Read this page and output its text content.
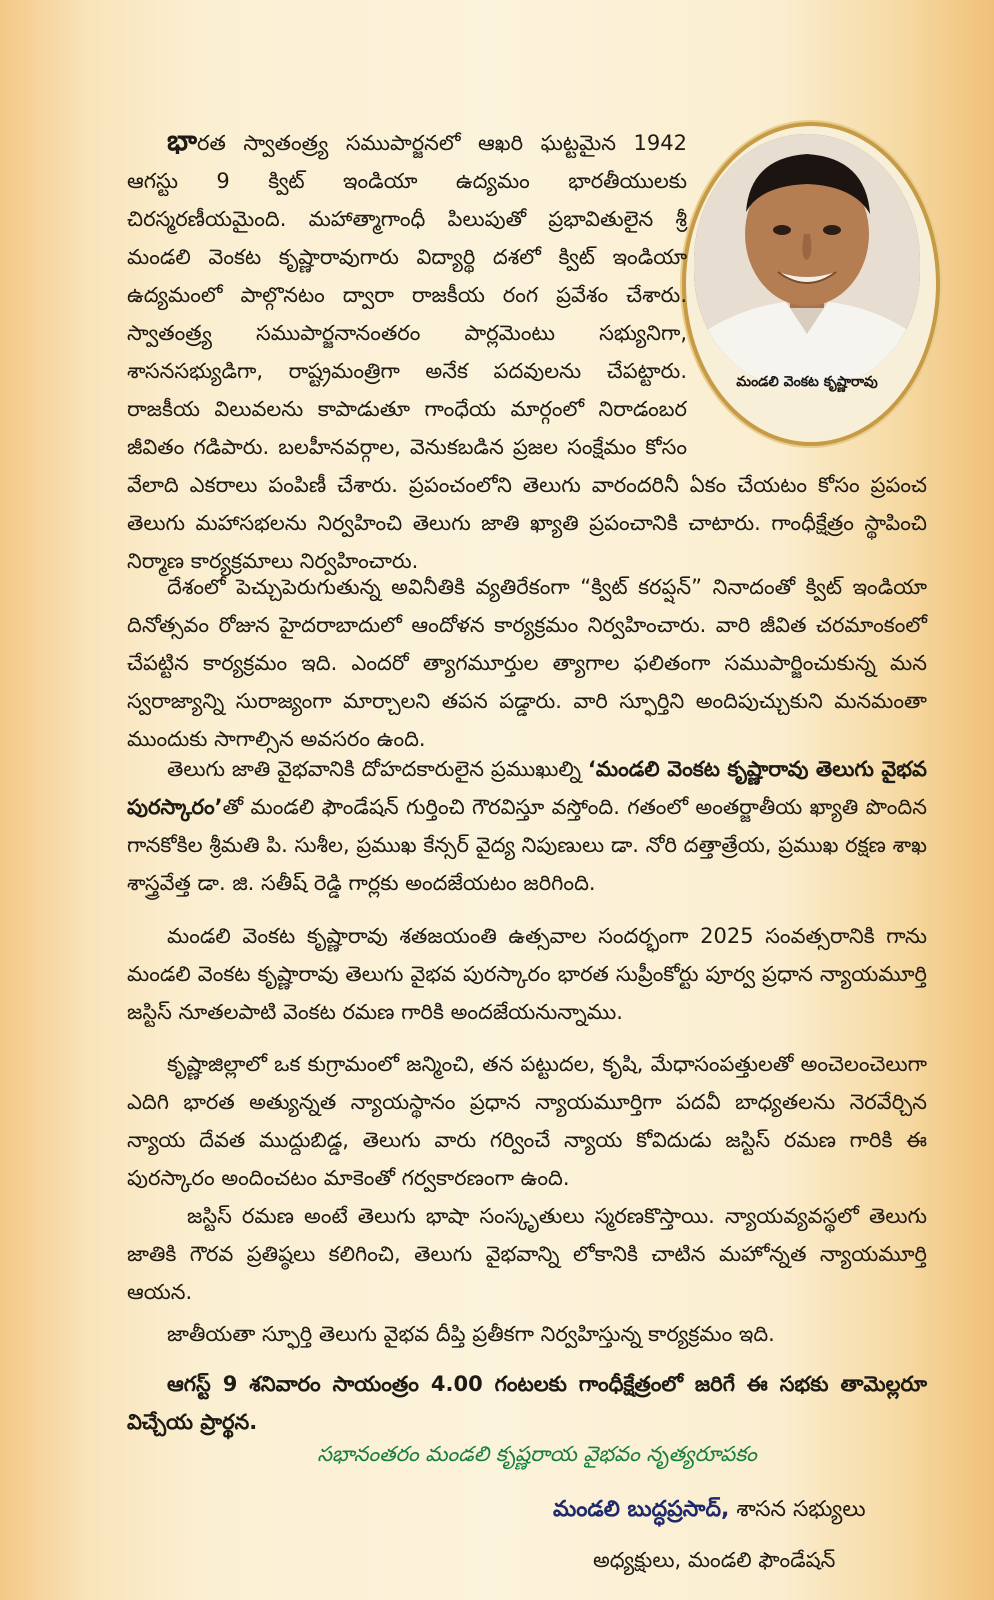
మండలి వెంకట కృష్ణారావు

భారత స్వాతంత్ర్య సముపార్జనలో ఆఖరి ఘట్టమైన 1942 ఆగస్టు 9 క్విట్ ఇండియా ఉద్యమం భారతీయులకు చిరస్మరణీయమైంది. మహాత్మాగాంధీ పిలుపుతో ప్రభావితులైన శ్రీ మండలి వెంకట కృష్ణారావుగారు విద్యార్థి దశలో క్విట్ ఇండియా ఉద్యమంలో పాల్గొనటం ద్వారా రాజకీయ రంగ ప్రవేశం చేశారు. స్వాతంత్ర్య సముపార్జనానంతరం పార్లమెంటు సభ్యునిగా, శాసనసభ్యుడిగా, రాష్ట్రమంత్రిగా అనేక పదవులను చేపట్టారు. రాజకీయ విలువలను కాపాడుతూ గాంధేయ మార్గంలో నిరాడంబర జీవితం గడిపారు. బలహీనవర్గాల, వెనుకబడిన ప్రజల సంక్షేమం కోసం వేలాది ఎకరాలు పంపిణీ చేశారు. ప్రపంచంలోని తెలుగు వారందరినీ ఏకం చేయటం కోసం ప్రపంచ తెలుగు మహాసభలను నిర్వహించి తెలుగు జాతి ఖ్యాతి ప్రపంచానికి చాటారు. గాంధీక్షేత్రం స్థాపించి నిర్మాణ కార్యక్రమాలు నిర్వహించారు.

దేశంలో పెచ్చుపెరుగుతున్న అవినీతికి వ్యతిరేకంగా “క్విట్ కరప్షన్” నినాదంతో క్విట్ ఇండియా దినోత్సవం రోజున హైదరాబాదులో ఆందోళన కార్యక్రమం నిర్వహించారు. వారి జీవిత చరమాంకంలో చేపట్టిన కార్యక్రమం ఇది. ఎందరో త్యాగమూర్తుల త్యాగాల ఫలితంగా సముపార్జించుకున్న మన స్వరాజ్యాన్ని సురాజ్యంగా మార్చాలని తపన పడ్డారు. వారి స్ఫూర్తిని అందిపుచ్చుకుని మనమంతా ముందుకు సాగాల్సిన అవసరం ఉంది.

తెలుగు జాతి వైభవానికి దోహదకారులైన ప్రముఖుల్ని ‘మండలి వెంకట కృష్ణారావు తెలుగు వైభవ పురస్కారం’తో మండలి ఫౌండేషన్ గుర్తించి గౌరవిస్తూ వస్తోంది. గతంలో అంతర్జాతీయ ఖ్యాతి పొందిన గానకోకిల శ్రీమతి పి. సుశీల, ప్రముఖ కేన్సర్ వైద్య నిపుణులు డా. నోరి దత్తాత్రేయ, ప్రముఖ రక్షణ శాఖ శాస్త్రవేత్త డా. జి. సతీష్ రెడ్డి గార్లకు అందజేయటం జరిగింది.

మండలి వెంకట కృష్ణారావు శతజయంతి ఉత్సవాల సందర్భంగా 2025 సంవత్సరానికి గాను మండలి వెంకట కృష్ణారావు తెలుగు వైభవ పురస్కారం భారత సుప్రీంకోర్టు పూర్వ ప్రధాన న్యాయమూర్తి జస్టిస్ నూతలపాటి వెంకట రమణ గారికి అందజేయనున్నాము.

కృష్ణాజిల్లాలో ఒక కుగ్రామంలో జన్మించి, తన పట్టుదల, కృషి, మేధాసంపత్తులతో అంచెలంచెలుగా ఎదిగి భారత అత్యున్నత న్యాయస్థానం ప్రధాన న్యాయమూర్తిగా పదవీ బాధ్యతలను నెరవేర్చిన న్యాయ దేవత ముద్దుబిడ్డ, తెలుగు వారు గర్వించే న్యాయ కోవిదుడు జస్టిస్ రమణ గారికి ఈ పురస్కారం అందించటం మాకెంతో గర్వకారణంగా ఉంది.

జస్టిస్ రమణ అంటే తెలుగు భాషా సంస్కృతులు స్మరణకొస్తాయి. న్యాయవ్యవస్థలో తెలుగు జాతికి గౌరవ ప్రతిష్ఠలు కలిగించి, తెలుగు వైభవాన్ని లోకానికి చాటిన మహోన్నత న్యాయమూర్తి ఆయన.

జాతీయతా స్ఫూర్తి తెలుగు వైభవ దీప్తి ప్రతీకగా నిర్వహిస్తున్న కార్యక్రమం ఇది.

ఆగస్ట్ 9 శనివారం సాయంత్రం 4.00 గంటలకు గాంధీక్షేత్రంలో జరిగే ఈ సభకు తామెల్లరూ విచ్చేయ ప్రార్థన.

సభానంతరం మండలి కృష్ణరాయ వైభవం నృత్యరూపకం
మండలి బుద్ధప్రసాద్, శాసన సభ్యులు
అధ్యక్షులు, మండలి ఫౌండేషన్
